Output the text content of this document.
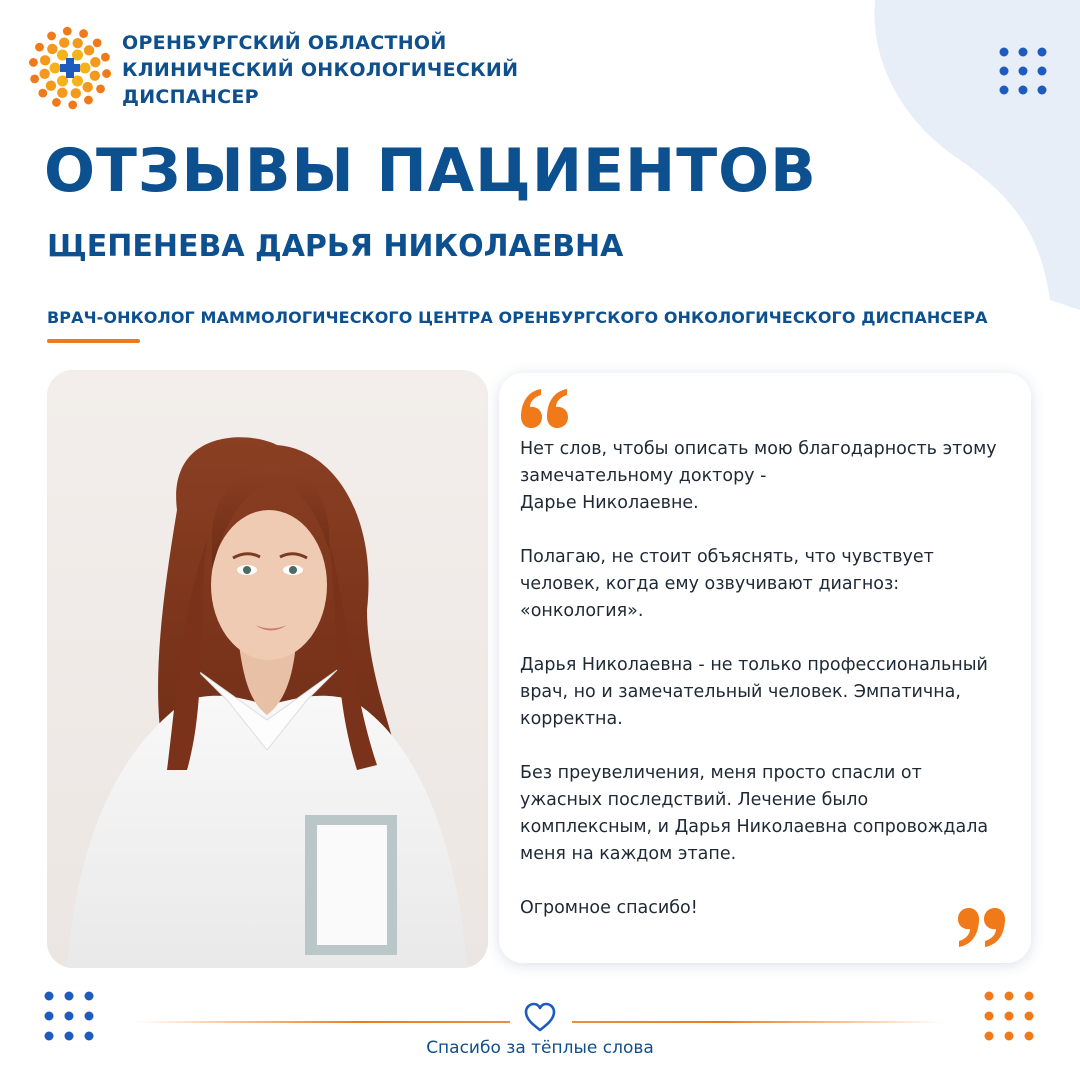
ОРЕНБУРГСКИЙ ОБЛАСТНОЙ
КЛИНИЧЕСКИЙ ОНКОЛОГИЧЕСКИЙ
ДИСПАНСЕР
ОТЗЫВЫ ПАЦИЕНТОВ
ЩЕПЕНЕВА ДАРЬЯ НИКОЛАЕВНА
ВРАЧ-ОНКОЛОГ МАММОЛОГИЧЕСКОГО ЦЕНТРА ОРЕНБУРГСКОГО ОНКОЛОГИЧЕСКОГО ДИСПАНСЕРА

Нет слов, чтобы описать мою благодарность этому
замечательному доктору -
Дарье Николаевне.

Полагаю, не стоит объяснять, что чувствует
человек, когда ему озвучивают диагноз:
«онкология».

Дарья Николаевна - не только профессиональный
врач, но и замечательный человек. Эмпатична,
корректна.

Без преувеличения, меня просто спасли от
ужасных последствий. Лечение было
комплексным, и Дарья Николаевна сопровождала
меня на каждом этапе.

Огромное спасибо!

Спасибо за тёплые слова
